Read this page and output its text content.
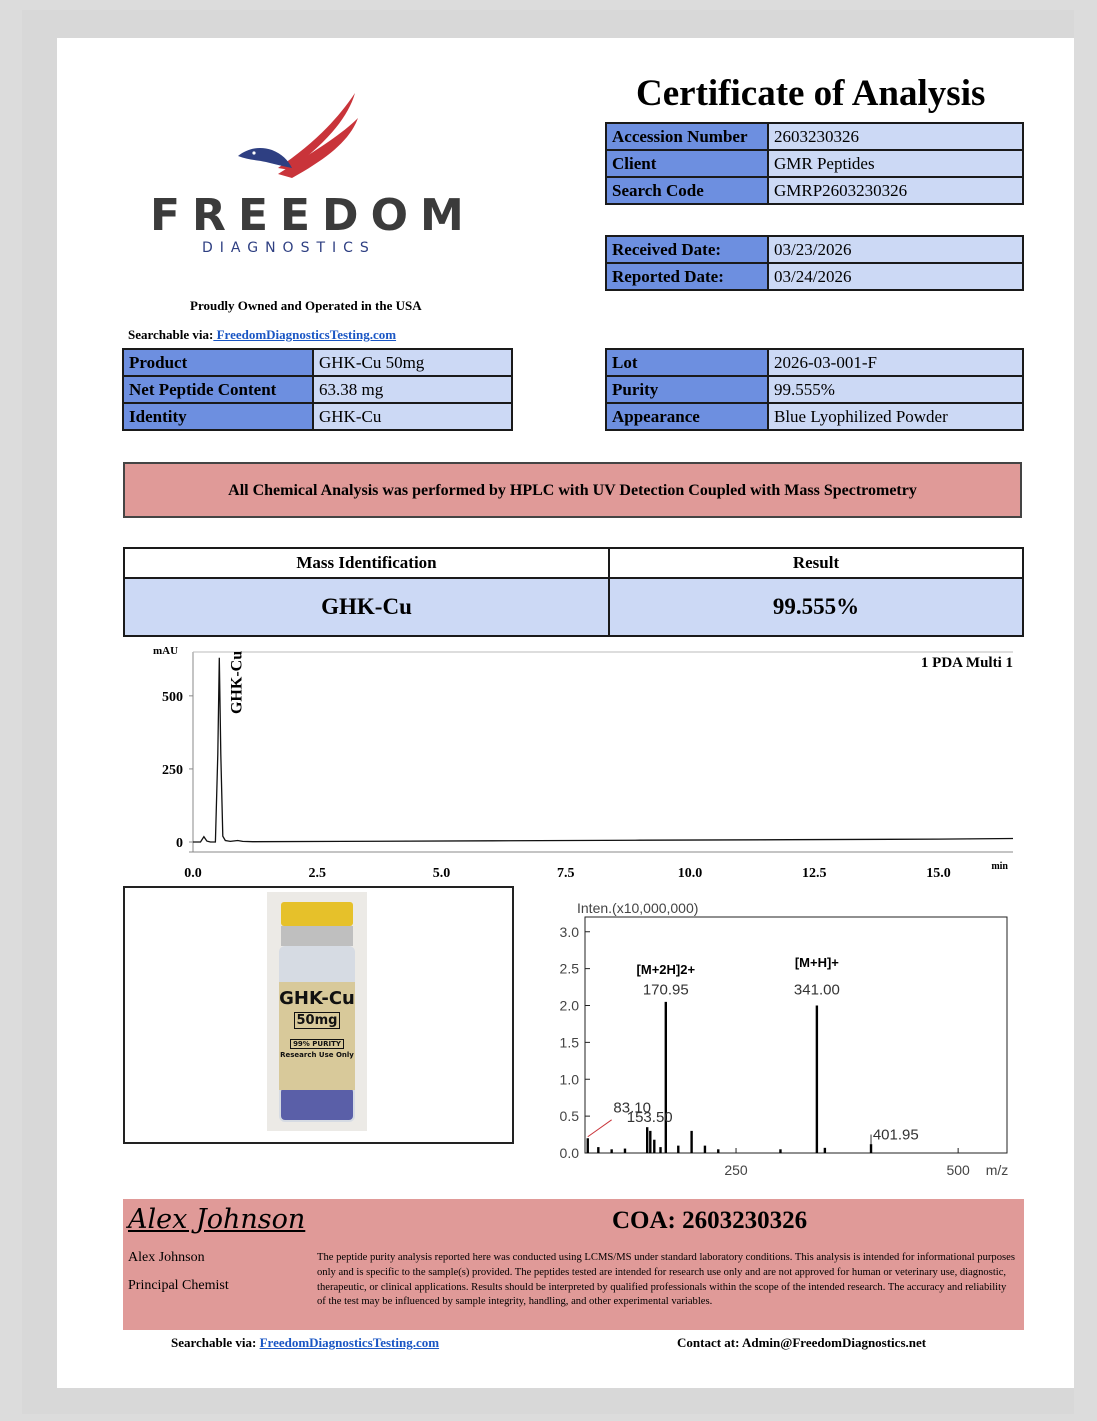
FREEDOM
DIAGNOSTICS
Proudly Owned and Operated in the USA
Searchable via: FreedomDiagnosticsTesting.com
Certificate of Analysis
Accession Number	2603230326
Client	GMR Peptides
Search Code	GMRP2603230326
Received Date:	03/23/2026
Reported Date:	03/24/2026
Product	GHK-Cu 50mg
Net Peptide Content	63.38 mg
Identity	GHK-Cu
Lot	2026-03-001-F
Purity	99.555%
Appearance	Blue Lyophilized Powder
All Chemical Analysis was performed by HPLC with UV Detection Coupled with Mass Spectrometry
Mass Identification	Result
GHK-Cu	99.555%
0
250
500
0.0	2.5	5.0	7.5	10.0	12.5	15.0
mAU
min
1 PDA Multi 1
GHK-Cu
GHK-Cu
50mg 99% PURITY
Research Use Only
Inten.(x10,000,000)
0.0
0.5
1.0
1.5
2.0
2.5
3.0
250	500 m/z
[M+2H]2+
170.95
[M+H]+
341.00
83.10
153.50
401.95
Alex Johnson
Alex Johnson
Principal Chemist
COA: 2603230326
The peptide purity analysis reported here was conducted using LCMS/MS under standard laboratory conditions. This analysis is intended for informational purposes only and is specific to the sample(s) provided. The peptides tested are intended for research use only and are not approved for human or veterinary use, diagnostic, therapeutic, or clinical applications. Results should be interpreted by qualified professionals within the scope of the intended research. The accuracy and reliability of the test may be influenced by sample integrity, handling, and other experimental variables.
Searchable via: FreedomDiagnosticsTesting.com	Contact at: Admin@FreedomDiagnostics.net
